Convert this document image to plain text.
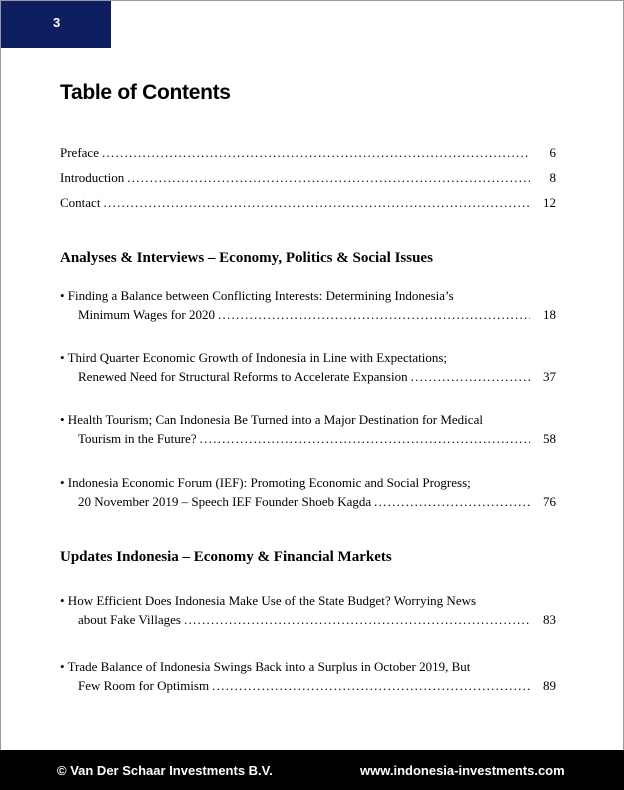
3
Table of Contents
Preface . . .	6
Introduction . . .	8
Contact . . .	12
Analyses & Interviews – Economy, Politics & Social Issues
• Finding a Balance between Conflicting Interests: Determining Indonesia’s
Minimum Wages for 2020 . . .	18
• Third Quarter Economic Growth of Indonesia in Line with Expectations;
Renewed Need for Structural Reforms to Accelerate Expansion . . .	37
• Health Tourism; Can Indonesia Be Turned into a Major Destination for Medical
Tourism in the Future? . . .	58
• Indonesia Economic Forum (IEF): Promoting Economic and Social Progress;
20 November 2019 – Speech IEF Founder Shoeb Kagda . . .	76
Updates Indonesia – Economy & Financial Markets
• How Efficient Does Indonesia Make Use of the State Budget? Worrying News
about Fake Villages . . .	83
• Trade Balance of Indonesia Swings Back into a Surplus in October 2019, But
Few Room for Optimism . . .	89
© Van Der Schaar Investments B.V.	www.indonesia-investments.com
